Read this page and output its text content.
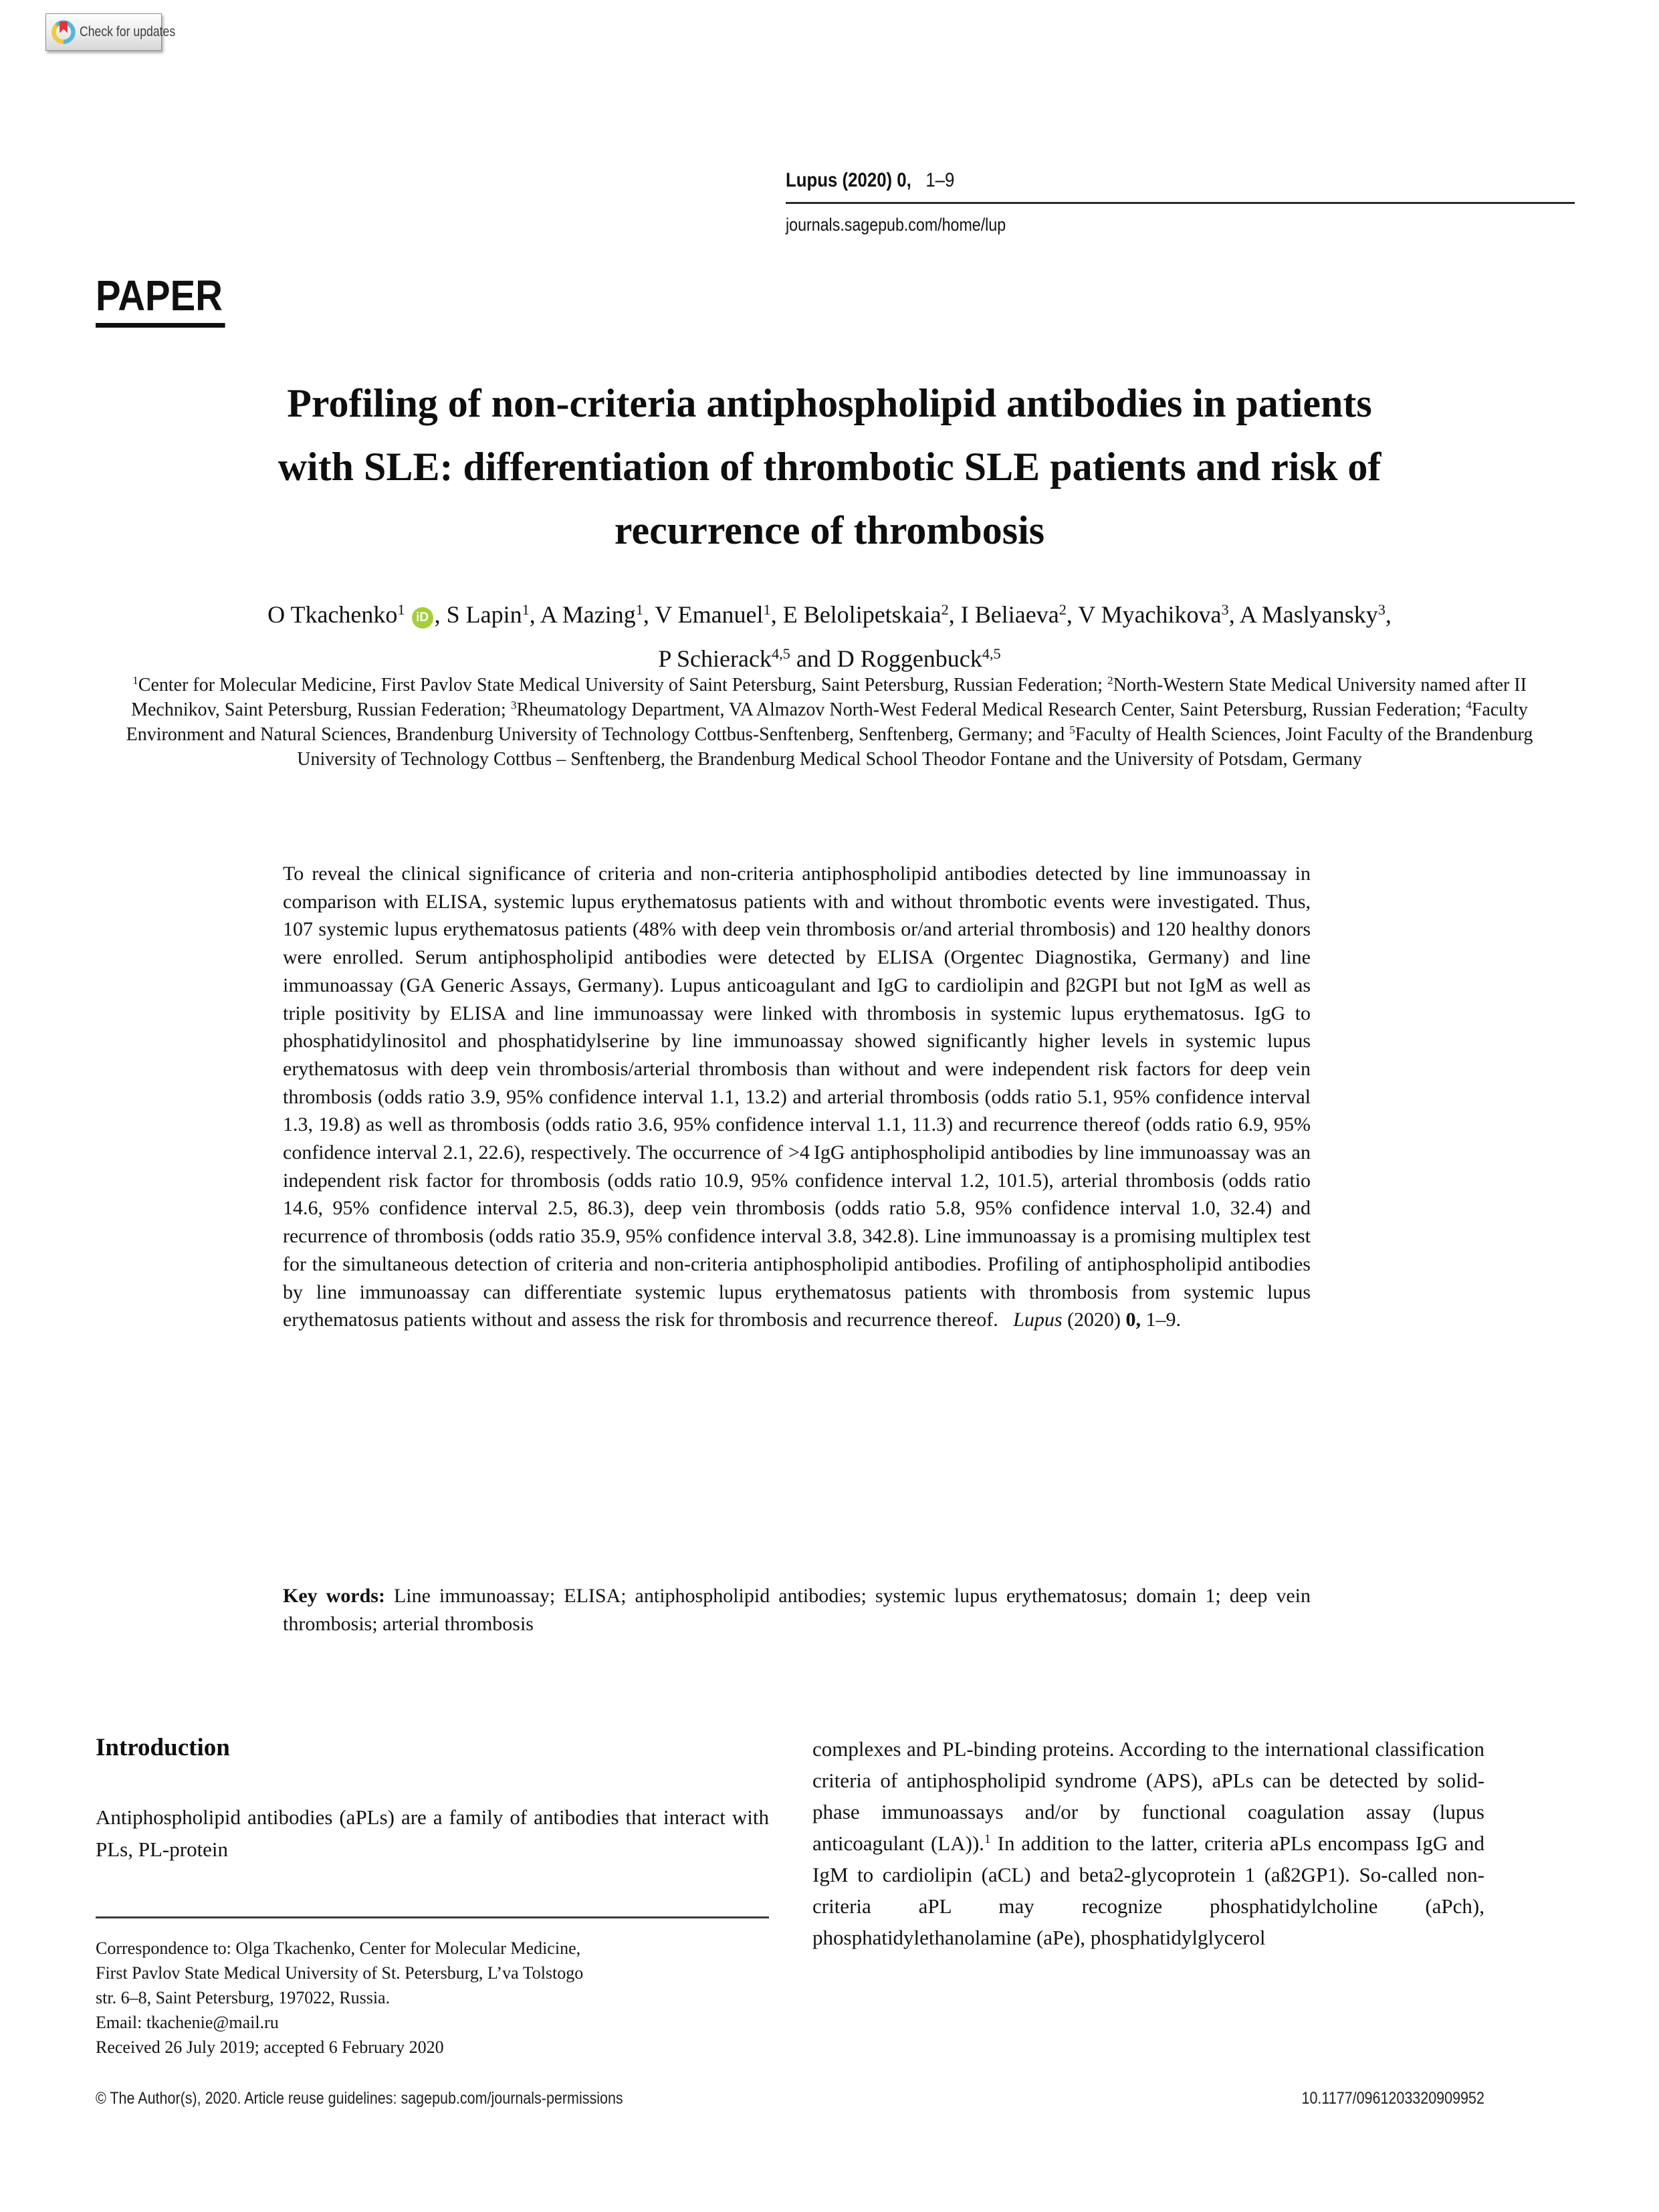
Check for updates
Lupus (2020) 0,   1–9
journals.sagepub.com/home/lup
PAPER
Profiling of non-criteria antiphospholipid antibodies in patients
with SLE: differentiation of thrombotic SLE patients and risk of
recurrence of thrombosis
O Tkachenko$^1$ iD , S Lapin$^1$, A Mazing$^1$, V Emanuel$^1$, E Belolipetskaia$^2$, I Beliaeva$^2$, V Myachikova$^3$, A Maslyansky$^3$,
P Schierack$^{4,5}$ and D Roggenbuck$^{4,5}$
$^1$Center for Molecular Medicine, First Pavlov State Medical University of Saint Petersburg, Saint Petersburg, Russian Federation; $^2$North-Western State Medical University named after II Mechnikov, Saint Petersburg, Russian Federation; $^3$Rheumatology Department, VA Almazov North-West Federal Medical Research Center, Saint Petersburg, Russian Federation; $^4$Faculty Environment and Natural Sciences, Brandenburg University of Technology Cottbus-Senftenberg, Senftenberg, Germany; and $^5$Faculty of Health Sciences, Joint Faculty of the Brandenburg University of Technology Cottbus – Senftenberg, the Brandenburg Medical School Theodor Fontane and the University of Potsdam, Germany
To reveal the clinical significance of criteria and non-criteria antiphospholipid antibodies detected by line immunoassay in comparison with ELISA, systemic lupus erythematosus patients with and without thrombotic events were investigated. Thus, 107 systemic lupus erythematosus patients (48% with deep vein thrombosis or/and arterial thrombosis) and 120 healthy donors were enrolled. Serum antiphospholipid antibodies were detected by ELISA (Orgentec Diagnostika, Germany) and line immunoassay (GA Generic Assays, Germany). Lupus anticoagulant and IgG to cardiolipin and β2GPI but not IgM as well as triple positivity by ELISA and line immunoassay were linked with thrombosis in systemic lupus erythematosus. IgG to phosphatidylinositol and phosphatidylserine by line immunoassay showed significantly higher levels in systemic lupus erythematosus with deep vein thrombosis/arterial thrombosis than without and were independent risk factors for deep vein thrombosis (odds ratio 3.9, 95% confidence interval 1.1, 13.2) and arterial thrombosis (odds ratio 5.1, 95% confidence interval 1.3, 19.8) as well as thrombosis (odds ratio 3.6, 95% confidence interval 1.1, 11.3) and recurrence thereof (odds ratio 6.9, 95% confidence interval 2.1, 22.6), respectively. The occurrence of >4 IgG antiphospholipid antibodies by line immunoassay was an independent risk factor for thrombosis (odds ratio 10.9, 95% confidence interval 1.2, 101.5), arterial thrombosis (odds ratio 14.6, 95% confidence interval 2.5, 86.3), deep vein thrombosis (odds ratio 5.8, 95% confidence interval 1.0, 32.4) and recurrence of thrombosis (odds ratio 35.9, 95% confidence interval 3.8, 342.8). Line immunoassay is a promising multiplex test for the simultaneous detection of criteria and non-criteria antiphospholipid antibodies. Profiling of antiphospholipid antibodies by line immunoassay can differentiate systemic lupus erythematosus patients with thrombosis from systemic lupus erythematosus patients without and assess the risk for thrombosis and recurrence thereof.   Lupus (2020) 0, 1–9.
Key words: Line immunoassay; ELISA; antiphospholipid antibodies; systemic lupus erythematosus; domain 1; deep vein thrombosis; arterial thrombosis
Introduction

Antiphospholipid antibodies (aPLs) are a family of antibodies that interact with PLs, PL-protein

Correspondence to: Olga Tkachenko, Center for Molecular Medicine,
First Pavlov State Medical University of St. Petersburg, L’va Tolstogo
str. 6–8, Saint Petersburg, 197022, Russia.
Email: tkachenie@mail.ru
Received 26 July 2019; accepted 6 February 2020
complexes and PL-binding proteins. According to the international classification criteria of antiphospholipid syndrome (APS), aPLs can be detected by solid-phase immunoassays and/or by functional coagulation assay (lupus anticoagulant (LA)).$^1$ In addition to the latter, criteria aPLs encompass IgG and IgM to cardiolipin (aCL) and beta2-glycoprotein 1 (aß2GP1). So-called non-criteria aPL may recognize phosphatidylcholine (aPch), phosphatidylethanolamine (aPe), phosphatidylglycerol
© The Author(s), 2020. Article reuse guidelines: sagepub.com/journals-permissions	10.1177/0961203320909952
